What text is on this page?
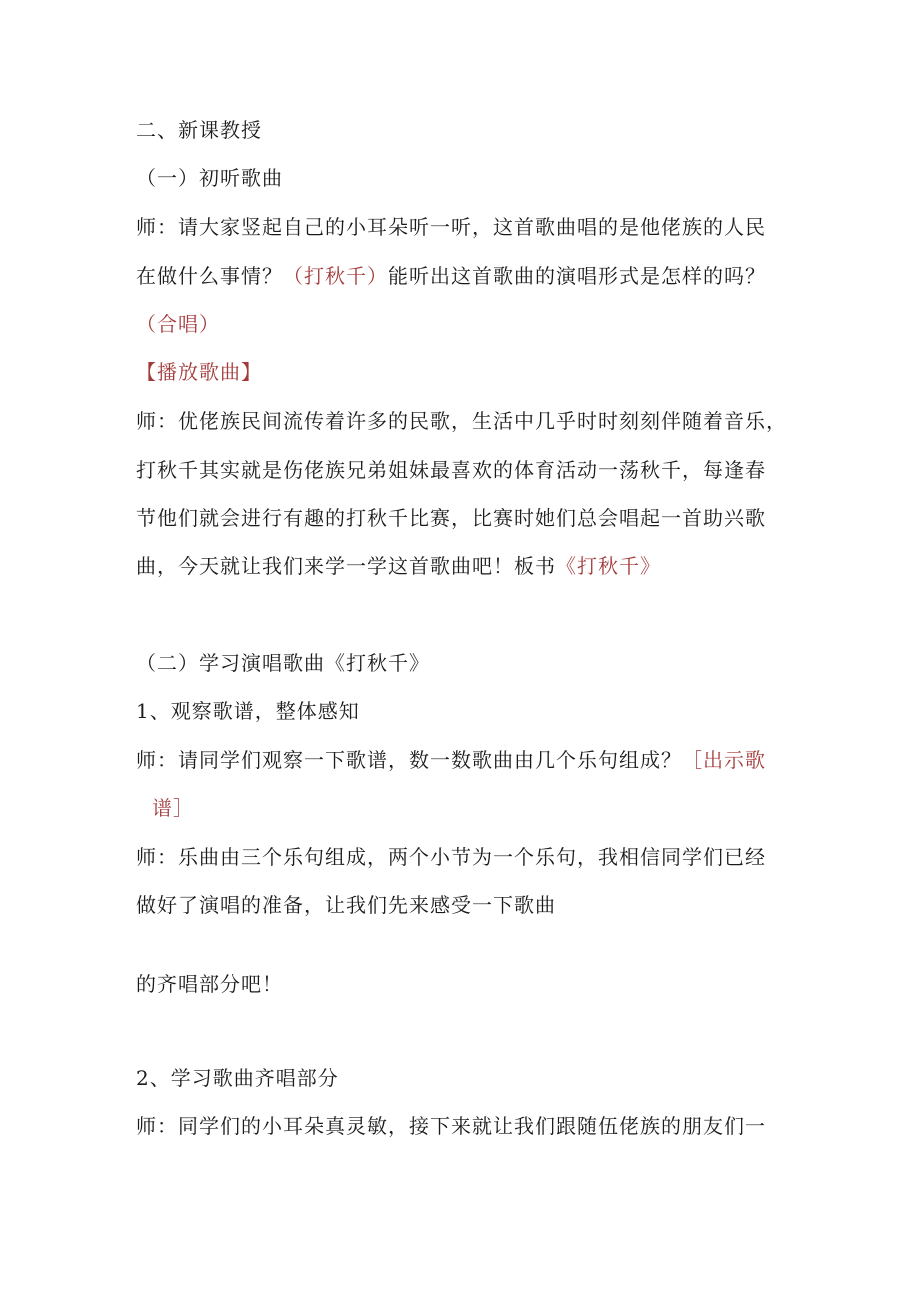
二、新课教授
（一）初听歌曲
师：请大家竖起自己的小耳朵听一听，这首歌曲唱的是他佬族的人民
在做什么事情？（打秋千）能听出这首歌曲的演唱形式是怎样的吗？
（合唱）
【播放歌曲】
师：优佬族民间流传着许多的民歌，生活中几乎时时刻刻伴随着音乐，
打秋千其实就是伤佬族兄弟姐妹最喜欢的体育活动一荡秋千，每逢春
节他们就会进行有趣的打秋千比赛，比赛时她们总会唱起一首助兴歌
曲，今天就让我们来学一学这首歌曲吧！板书《打秋千》
（二）学习演唱歌曲《打秋千》
1、观察歌谱，整体感知
师：请同学们观察一下歌谱，数一数歌曲由几个乐句组成？［出示歌
谱］
师：乐曲由三个乐句组成，两个小节为一个乐句，我相信同学们已经
做好了演唱的准备，让我们先来感受一下歌曲
的齐唱部分吧！
2、学习歌曲齐唱部分
师：同学们的小耳朵真灵敏，接下来就让我们跟随伍佬族的朋友们一
